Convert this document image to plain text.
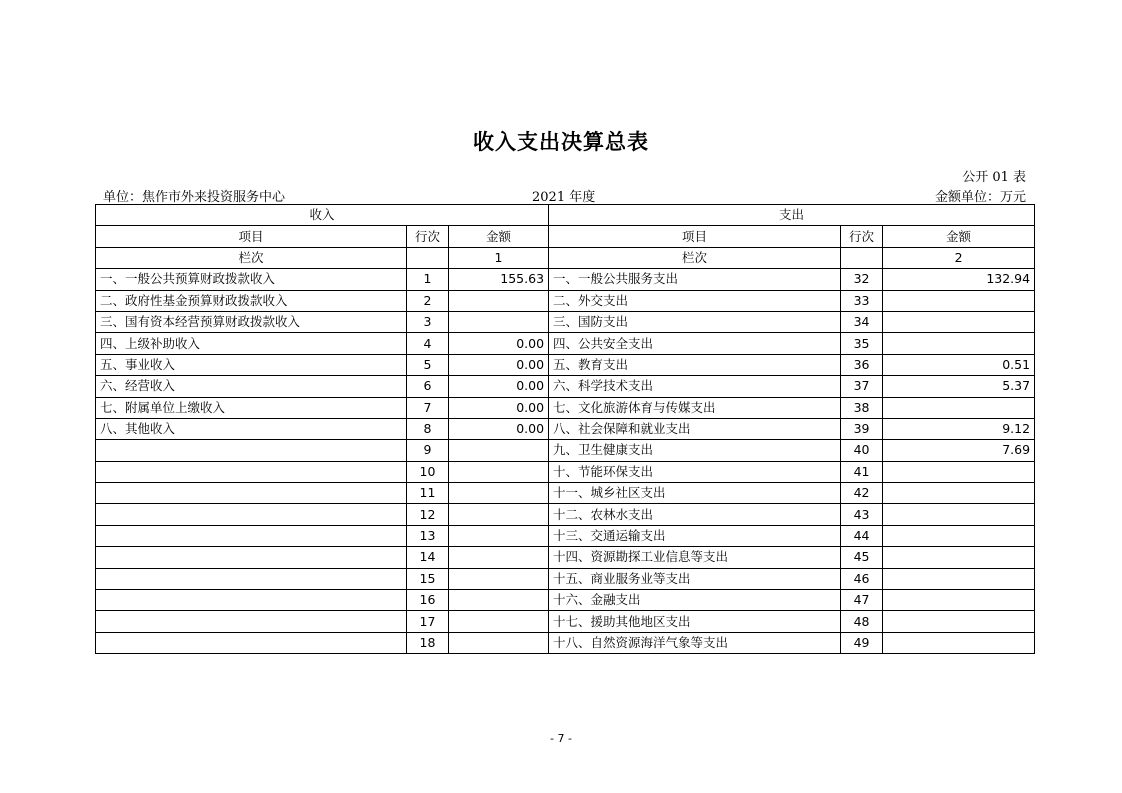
收入支出决算总表
公开 01 表
单位：焦作市外来投资服务中心	2021 年度	金额单位：万元
收入			支出		
项目	行次	金额	项目	行次	金额
栏次		1	栏次		2
一、一般公共预算财政拨款收入	1	155.63	一、一般公共服务支出	32	132.94
二、政府性基金预算财政拨款收入	2		二、外交支出	33	
三、国有资本经营预算财政拨款收入	3		三、国防支出	34	
四、上级补助收入	4	0.00	四、公共安全支出	35	
五、事业收入	5	0.00	五、教育支出	36	0.51
六、经营收入	6	0.00	六、科学技术支出	37	5.37
七、附属单位上缴收入	7	0.00	七、文化旅游体育与传媒支出	38	
八、其他收入	8	0.00	八、社会保障和就业支出	39	9.12
	9		九、卫生健康支出	40	7.69
	10		十、节能环保支出	41	
	11		十一、城乡社区支出	42	
	12		十二、农林水支出	43	
	13		十三、交通运输支出	44	
	14		十四、资源勘探工业信息等支出	45	
	15		十五、商业服务业等支出	46	
	16		十六、金融支出	47	
	17		十七、援助其他地区支出	48	
	18		十八、自然资源海洋气象等支出	49	
- 7 -
